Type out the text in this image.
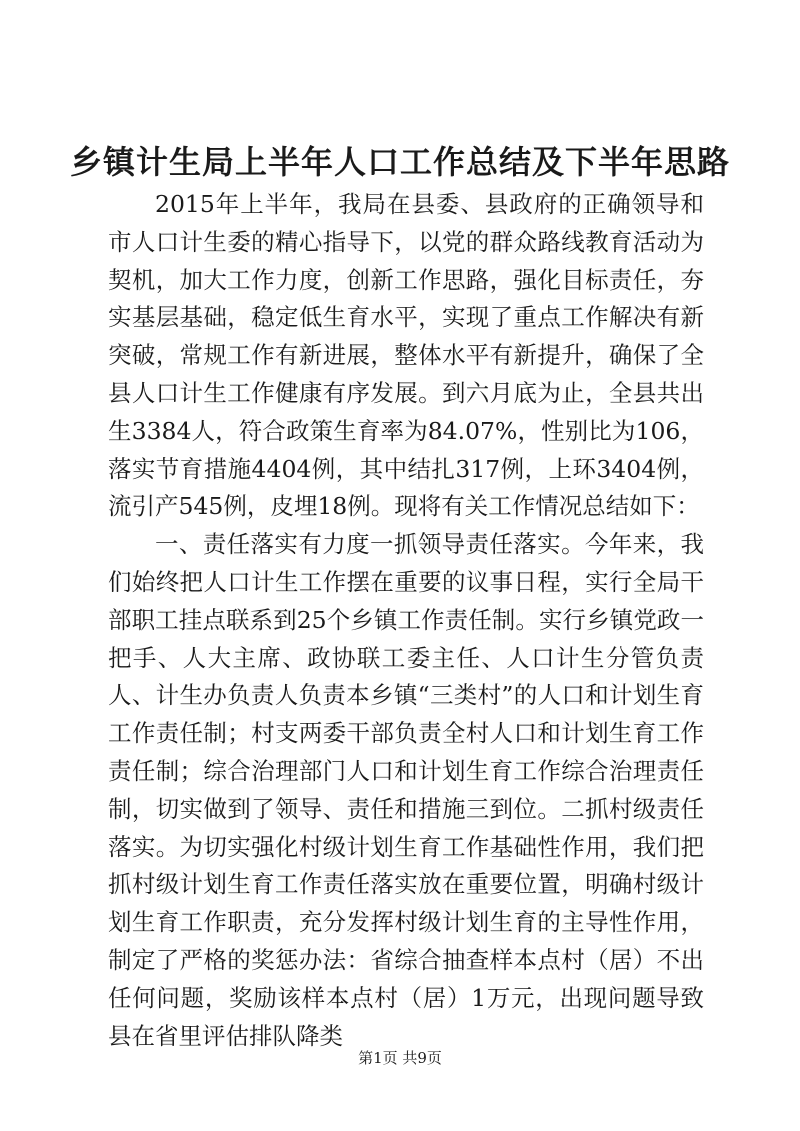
乡镇计生局上半年人口工作总结及下半年思路

2015年上半年，我局在县委、县政府的正确领导和市人口计生委的精心指导下，以党的群众路线教育活动为契机，加大工作力度，创新工作思路，强化目标责任，夯实基层基础，稳定低生育水平，实现了重点工作解决有新突破，常规工作有新进展，整体水平有新提升，确保了全县人口计生工作健康有序发展。到六月底为止，全县共出生3384人，符合政策生育率为84.07%，性别比为106，落实节育措施4404例，其中结扎317例，上环3404例，流引产545例，皮埋18例。现将有关工作情况总结如下：

一、责任落实有力度一抓领导责任落实。今年来，我们始终把人口计生工作摆在重要的议事日程，实行全局干部职工挂点联系到25个乡镇工作责任制。实行乡镇党政一把手、人大主席、政协联工委主任、人口计生分管负责人、计生办负责人负责本乡镇“三类村”的人口和计划生育工作责任制；村支两委干部负责全村人口和计划生育工作责任制；综合治理部门人口和计划生育工作综合治理责任制，切实做到了领导、责任和措施三到位。二抓村级责任落实。为切实强化村级计划生育工作基础性作用，我们把抓村级计划生育工作责任落实放在重要位置，明确村级计划生育工作职责，充分发挥村级计划生育的主导性作用，制定了严格的奖惩办法：省综合抽查样本点村（居）不出任何问题，奖励该样本点村（居）1万元，出现问题导致县在省里评估排队降类

第1页 共9页
